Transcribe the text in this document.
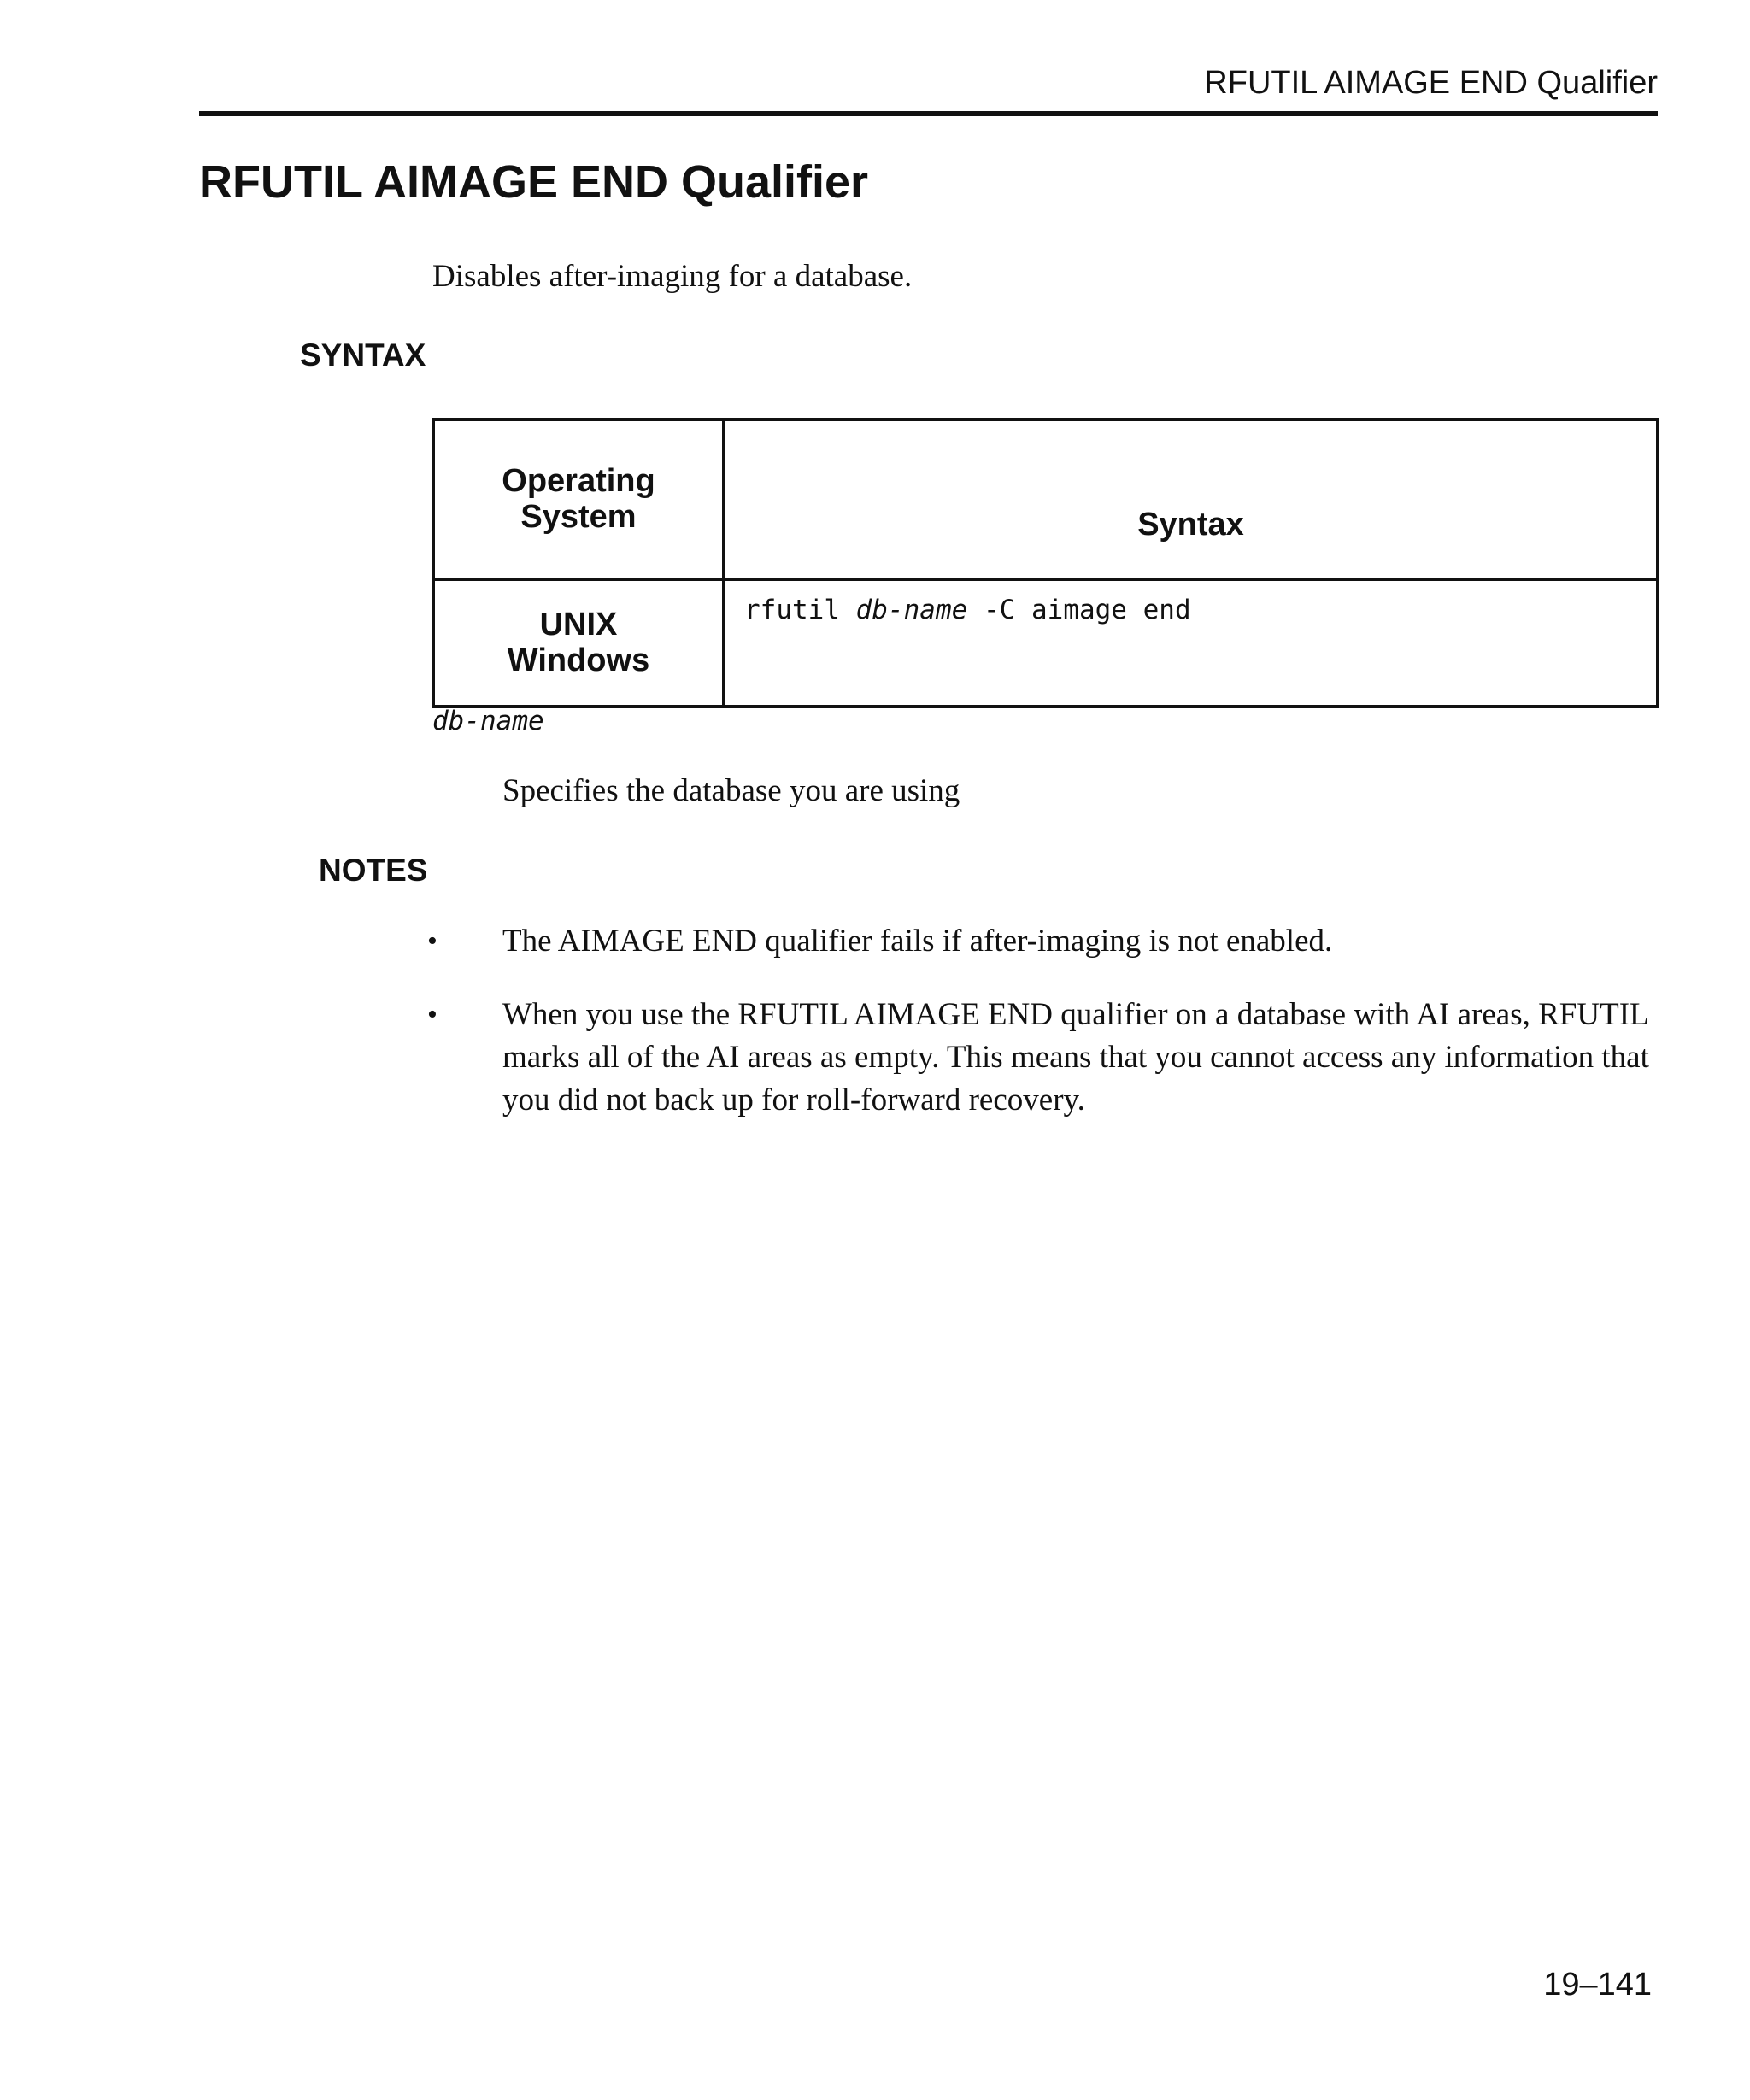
RFUTIL AIMAGE END Qualifier
RFUTIL AIMAGE END Qualifier
Disables after-imaging for a database.
SYNTAX
Operating
System	Syntax

UNIX
Windows	rfutil db-name -C aimage end
db-name
Specifies the database you are using
NOTES
• The AIMAGE END qualifier fails if after-imaging is not enabled.
• When you use the RFUTIL AIMAGE END qualifier on a database with AI areas, RFUTIL
marks all of the AI areas as empty. This means that you cannot access any information that
you did not back up for roll-forward recovery.
19–141
